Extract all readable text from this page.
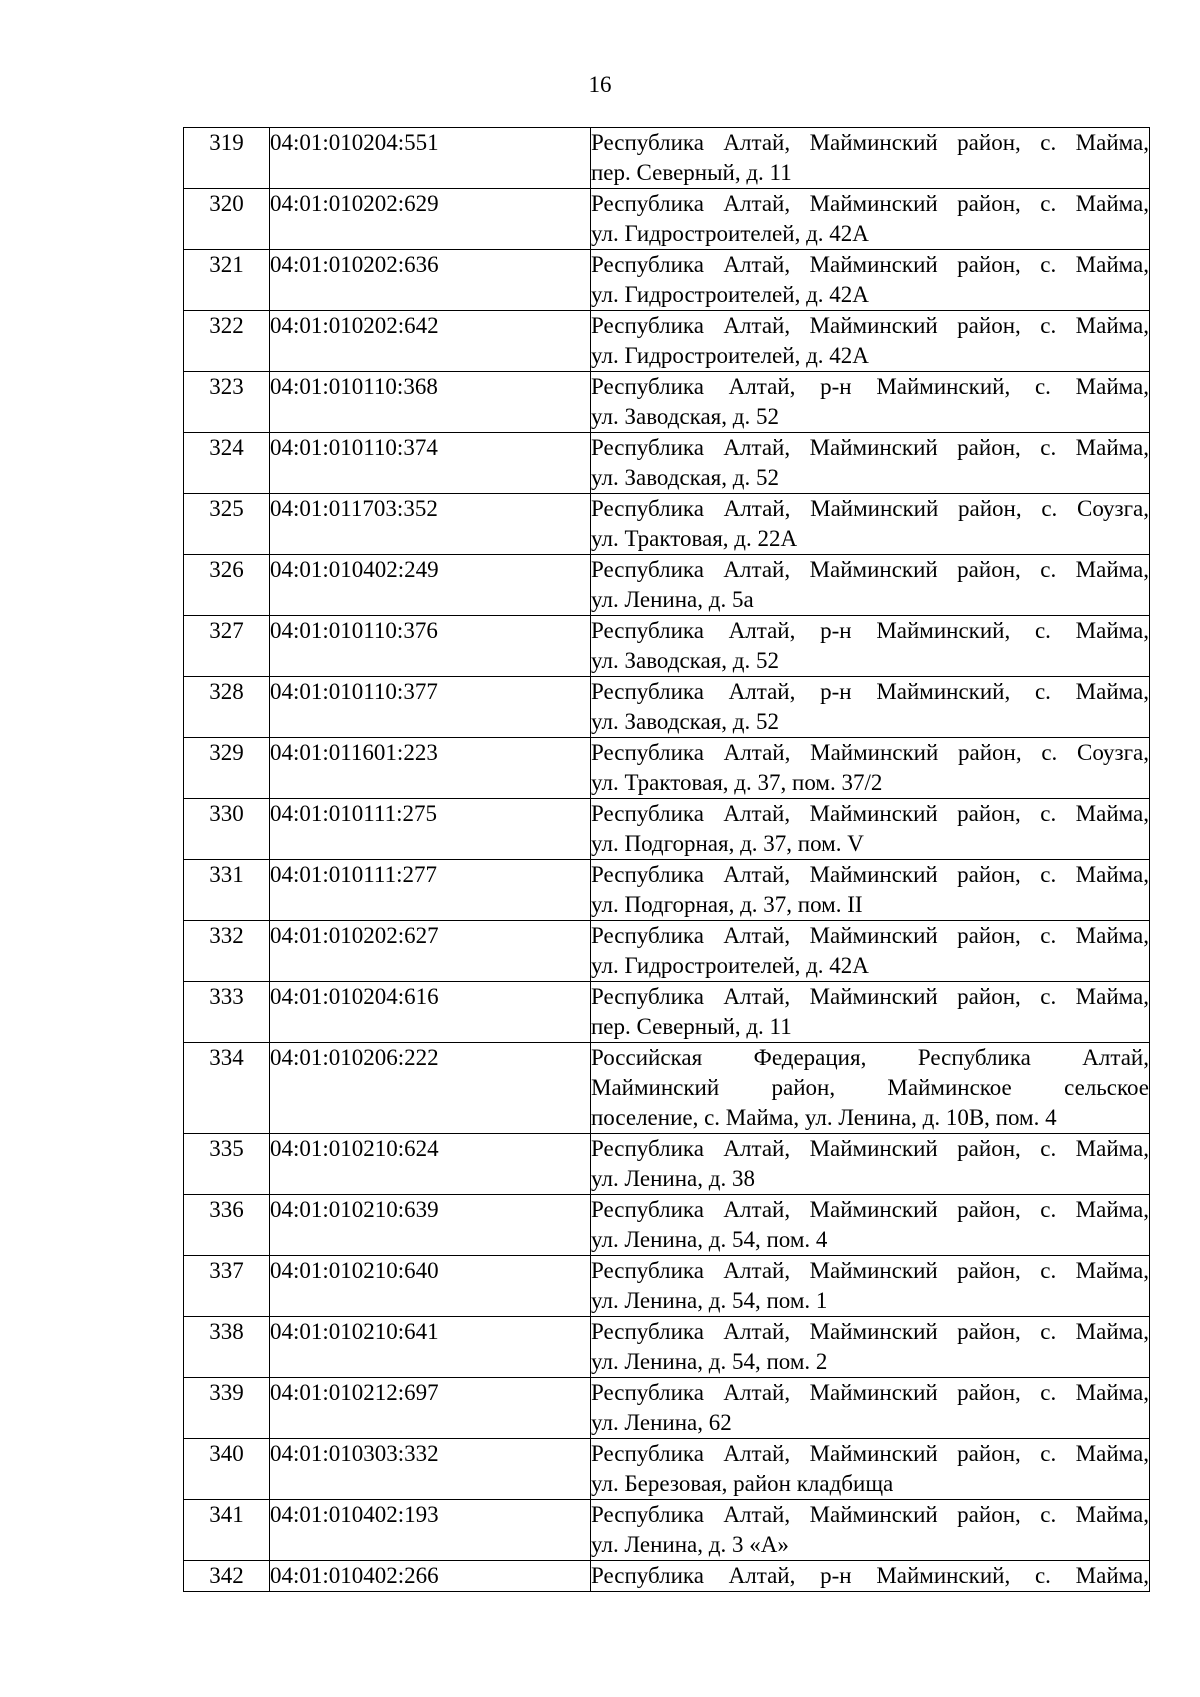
16
319	04:01:010204:551	Республика Алтай, Майминский район, с. Майма,
пер. Северный, д. 11

320	04:01:010202:629	Республика Алтай, Майминский район, с. Майма,
ул. Гидростроителей, д. 42А

321	04:01:010202:636	Республика Алтай, Майминский район, с. Майма,
ул. Гидростроителей, д. 42А

322	04:01:010202:642	Республика Алтай, Майминский район, с. Майма,
ул. Гидростроителей, д. 42А

323	04:01:010110:368	Республика Алтай, р-н Майминский, с. Майма,
ул. Заводская, д. 52

324	04:01:010110:374	Республика Алтай, Майминский район, с. Майма,
ул. Заводская, д. 52

325	04:01:011703:352	Республика Алтай, Майминский район, с. Соузга,
ул. Трактовая, д. 22А

326	04:01:010402:249	Республика Алтай, Майминский район, с. Майма,
ул. Ленина, д. 5а

327	04:01:010110:376	Республика Алтай, р-н Майминский, с. Майма,
ул. Заводская, д. 52

328	04:01:010110:377	Республика Алтай, р-н Майминский, с. Майма,
ул. Заводская, д. 52

329	04:01:011601:223	Республика Алтай, Майминский район, с. Соузга,
ул. Трактовая, д. 37, пом. 37/2

330	04:01:010111:275	Республика Алтай, Майминский район, с. Майма,
ул. Подгорная, д. 37, пом. V

331	04:01:010111:277	Республика Алтай, Майминский район, с. Майма,
ул. Подгорная, д. 37, пом. II

332	04:01:010202:627	Республика Алтай, Майминский район, с. Майма,
ул. Гидростроителей, д. 42А

333	04:01:010204:616	Республика Алтай, Майминский район, с. Майма,
пер. Северный, д. 11

334	04:01:010206:222	Российская Федерация, Республика Алтай,
Майминский район, Майминское сельское
поселение, с. Майма, ул. Ленина, д. 10В, пом. 4

335	04:01:010210:624	Республика Алтай, Майминский район, с. Майма,
ул. Ленина, д. 38

336	04:01:010210:639	Республика Алтай, Майминский район, с. Майма,
ул. Ленина, д. 54, пом. 4

337	04:01:010210:640	Республика Алтай, Майминский район, с. Майма,
ул. Ленина, д. 54, пом. 1

338	04:01:010210:641	Республика Алтай, Майминский район, с. Майма,
ул. Ленина, д. 54, пом. 2

339	04:01:010212:697	Республика Алтай, Майминский район, с. Майма,
ул. Ленина, 62

340	04:01:010303:332	Республика Алтай, Майминский район, с. Майма,
ул. Березовая, район кладбища

341	04:01:010402:193	Республика Алтай, Майминский район, с. Майма,
ул. Ленина, д. 3 «А»

342	04:01:010402:266	Республика Алтай, р-н Майминский, с. Майма,
